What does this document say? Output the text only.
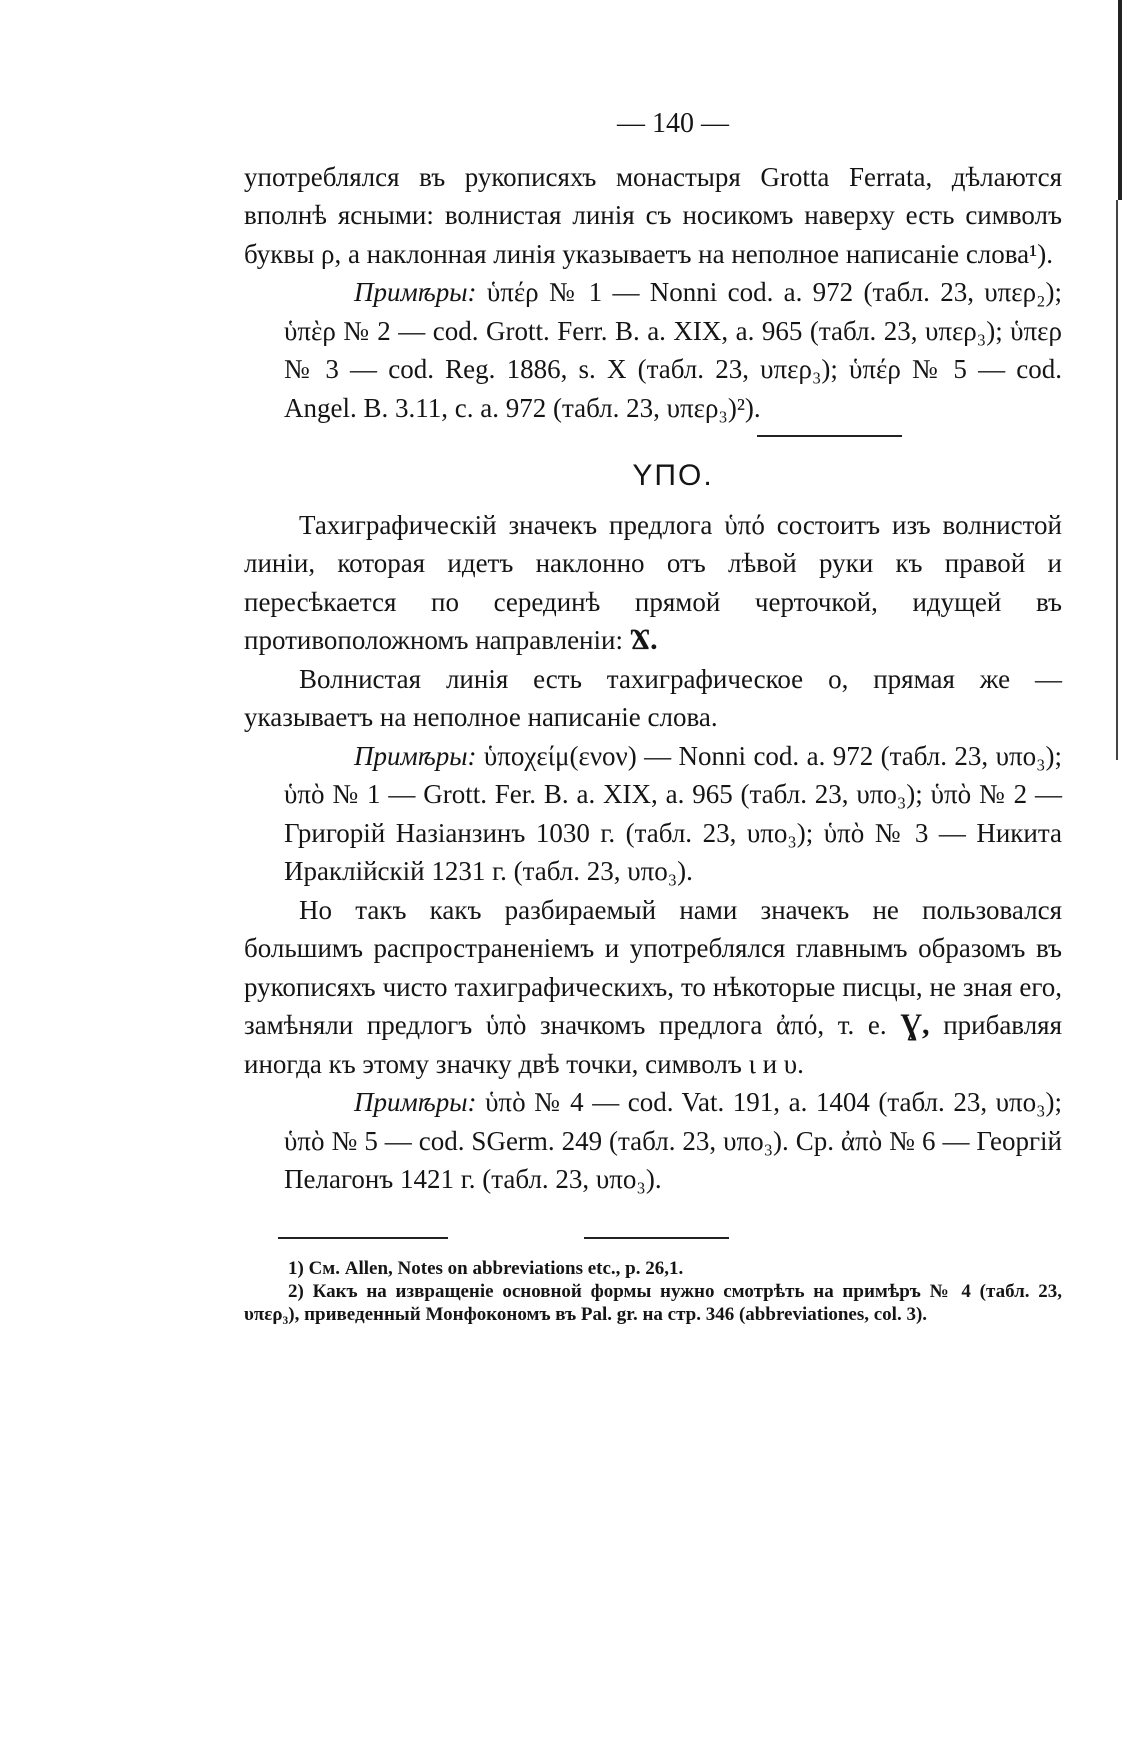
— 140 —

употреблялся въ рукописяхъ монастыря Grotta Ferrata, дѣлаются вполнѣ ясными: волнистая линія съ носикомъ наверху есть символъ буквы ρ, а наклонная линія указываетъ на неполное написаніе слова¹).

Примѣры: ὑπέρ № 1 — Nonni cod. a. 972 (табл. 23, υπερ₂); ὑπὲρ № 2 — cod. Grott. Ferr. B. a. XIX, a. 965 (табл. 23, υπερ₃); ὑπερ № 3 — cod. Reg. 1886, s. X (табл. 23, υπερ₃); ὑπέρ № 5 — cod. Angel. B. 3.11, c. a. 972 (табл. 23, υπερ₃)²).

ΥΠΟ.

Тахиграфическій значекъ предлога ὑπό состоитъ изъ волнистой линіи, которая идетъ наклонно отъ лѣвой руки къ правой и пересѣкается по серединѣ прямой черточкой, идущей въ противоположномъ направленіи: Ϫ.

Волнистая линія есть тахиграфическое ο, прямая же — указываетъ на неполное написаніе слова.

Примѣры: ὑποχείμ(ενον) — Nonni cod. a. 972 (табл. 23, υπο₃); ὑπὸ № 1 — Grott. Fer. B. a. XIX, a. 965 (табл. 23, υπο₃); ὑπὸ № 2 — Григорій Назіанзинъ 1030 г. (табл. 23, υπο₃); ὑπὸ № 3 — Никита Ираклійскій 1231 г. (табл. 23, υπο₃).

Но такъ какъ разбираемый нами значекъ не пользовался большимъ распространеніемъ и употреблялся главнымъ образомъ въ рукописяхъ чисто тахиграфическихъ, то нѣкоторые писцы, не зная его, замѣняли предлогъ ὑπὸ значкомъ предлога ἀπό, т. е. Ɣ, прибавляя иногда къ этому значку двѣ точки, символъ ι и υ.

Примѣры: ὑπὸ № 4 — cod. Vat. 191, a. 1404 (табл. 23, υπο₃); ὑπὸ № 5 — cod. SGerm. 249 (табл. 23, υπο₃). Ср. ἀπὸ № 6 — Георгій Пелагонъ 1421 г. (табл. 23, υπο₃).

1) См. Allen, Notes on abbreviations etc., p. 26,1.

2) Какъ на извращеніе основной формы нужно смотрѣть на примѣръ № 4 (табл. 23, υπερ₃), приведенный Монфокономъ въ Pal. gr. на стр. 346 (abbreviationes, col. 3).
